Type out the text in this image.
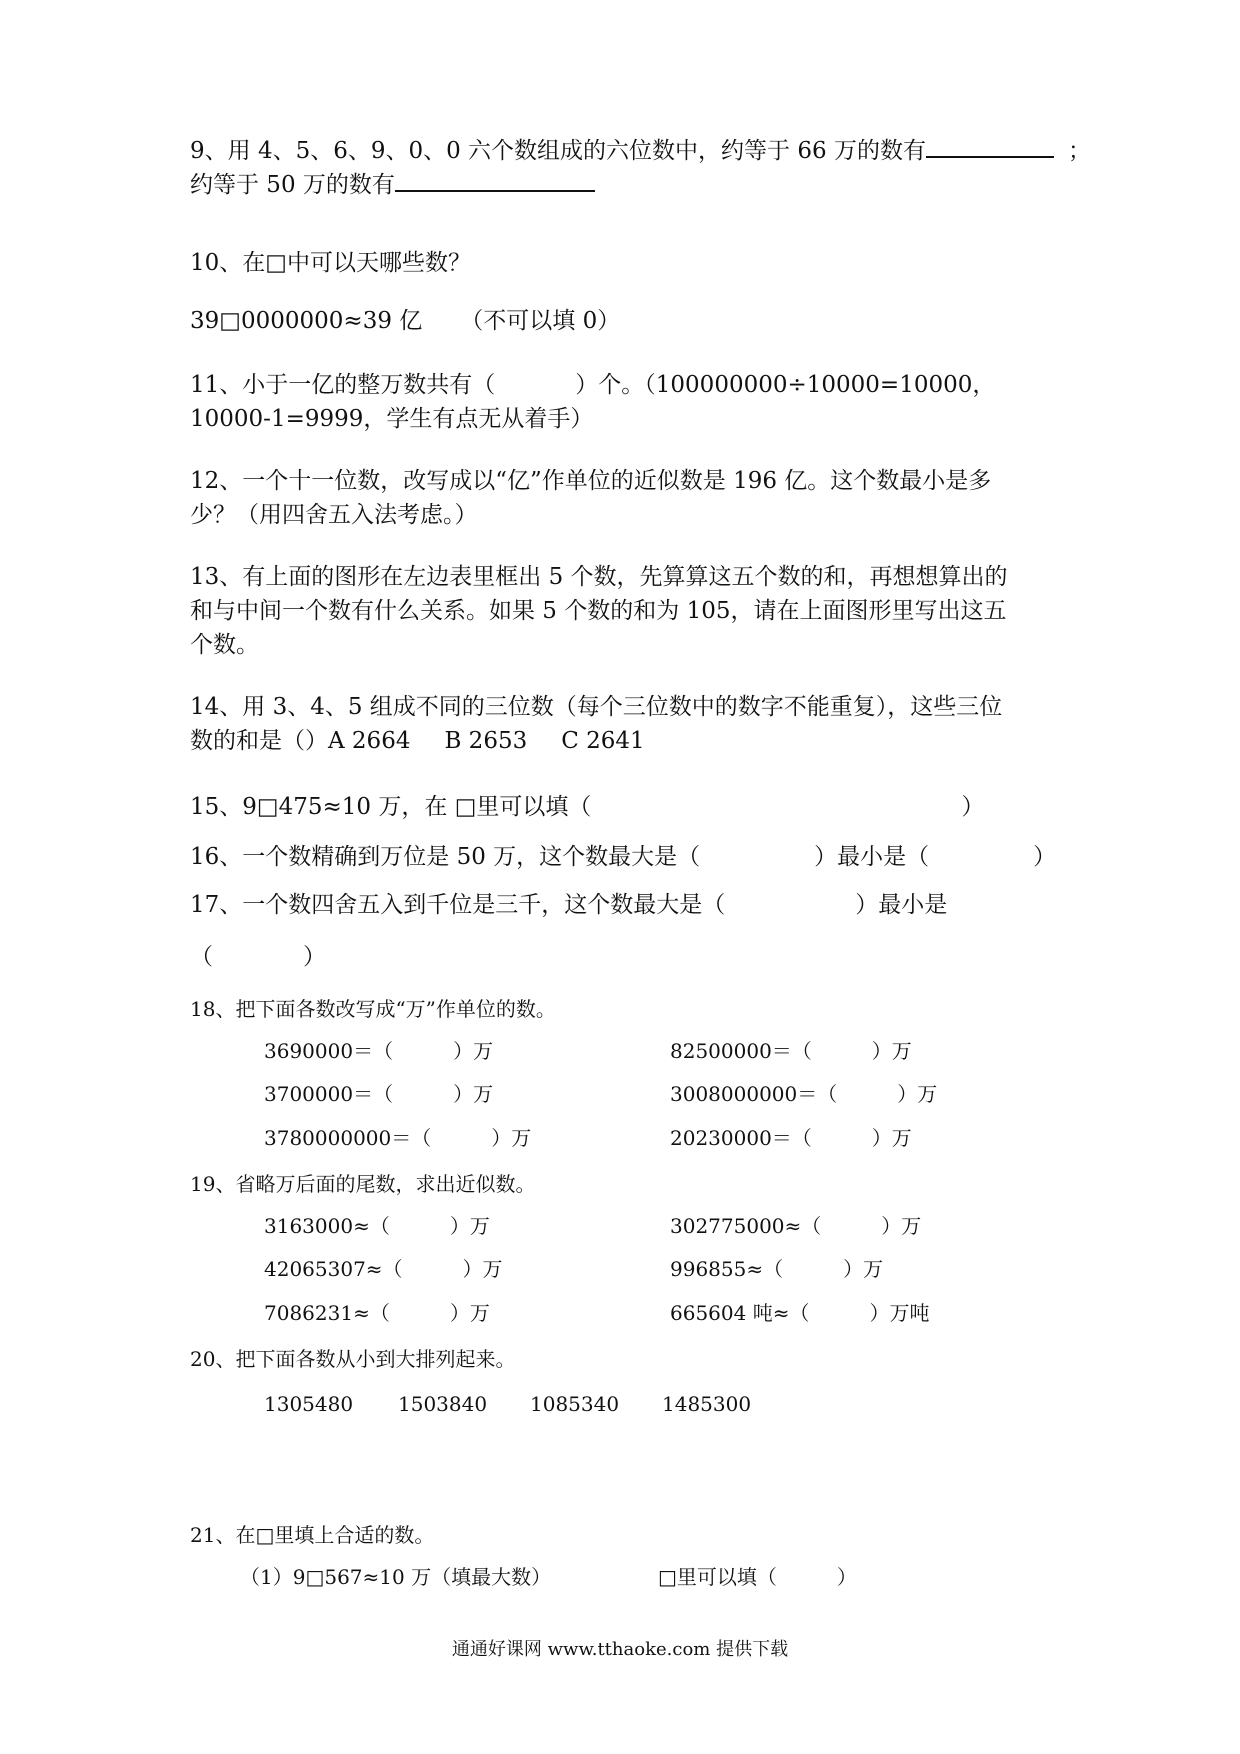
9、用 4、5、6、9、0、0 六个数组成的六位数中，约等于 66 万的数有	；
约等于 50 万的数有
10、在□中可以天哪些数？
39□0000000≈39 亿 （不可以填 0）
11、小于一亿的整万数共有（	）个。（100000000÷10000=10000，
10000-1=9999，学生有点无从着手）
12、一个十一位数，改写成以“亿”作单位的近似数是 196 亿。这个数最小是多
少？（用四舍五入法考虑。）
13、有上面的图形在左边表里框出 5 个数，先算算这五个数的和，再想想算出的
和与中间一个数有什么关系。如果 5 个数的和为 105，请在上面图形里写出这五
个数。
14、用 3、4、5 组成不同的三位数（每个三位数中的数字不能重复），这些三位
数的和是（）A 2664 B 2653 C 2641
15、9□475≈10 万，在 □里可以填（	）
16、一个数精确到万位是 50 万，这个数最大是（	）最小是（	）
17、一个数四舍五入到千位是三千，这个数最大是（	）最小是
（	）
18、把下面各数改写成“万”作单位的数。
3690000＝（　　　）万	82500000＝（　　　）万
3700000＝（　　　）万	3008000000＝（　　　）万
3780000000＝（　　　）万	20230000＝（　　　）万
19、省略万后面的尾数，求出近似数。
3163000≈（　　　）万	302775000≈（　　　）万
42065307≈（　　　）万	996855≈（　　　）万
7086231≈（　　　）万	665604 吨≈（　　　）万吨
20、把下面各数从小到大排列起来。
1305480 1503840 1085340 1485300
21、在□里填上合适的数。
（1）9□567≈10 万（填最大数）	□里可以填（　　　）
通通好课网 www.tthaoke.com 提供下载
